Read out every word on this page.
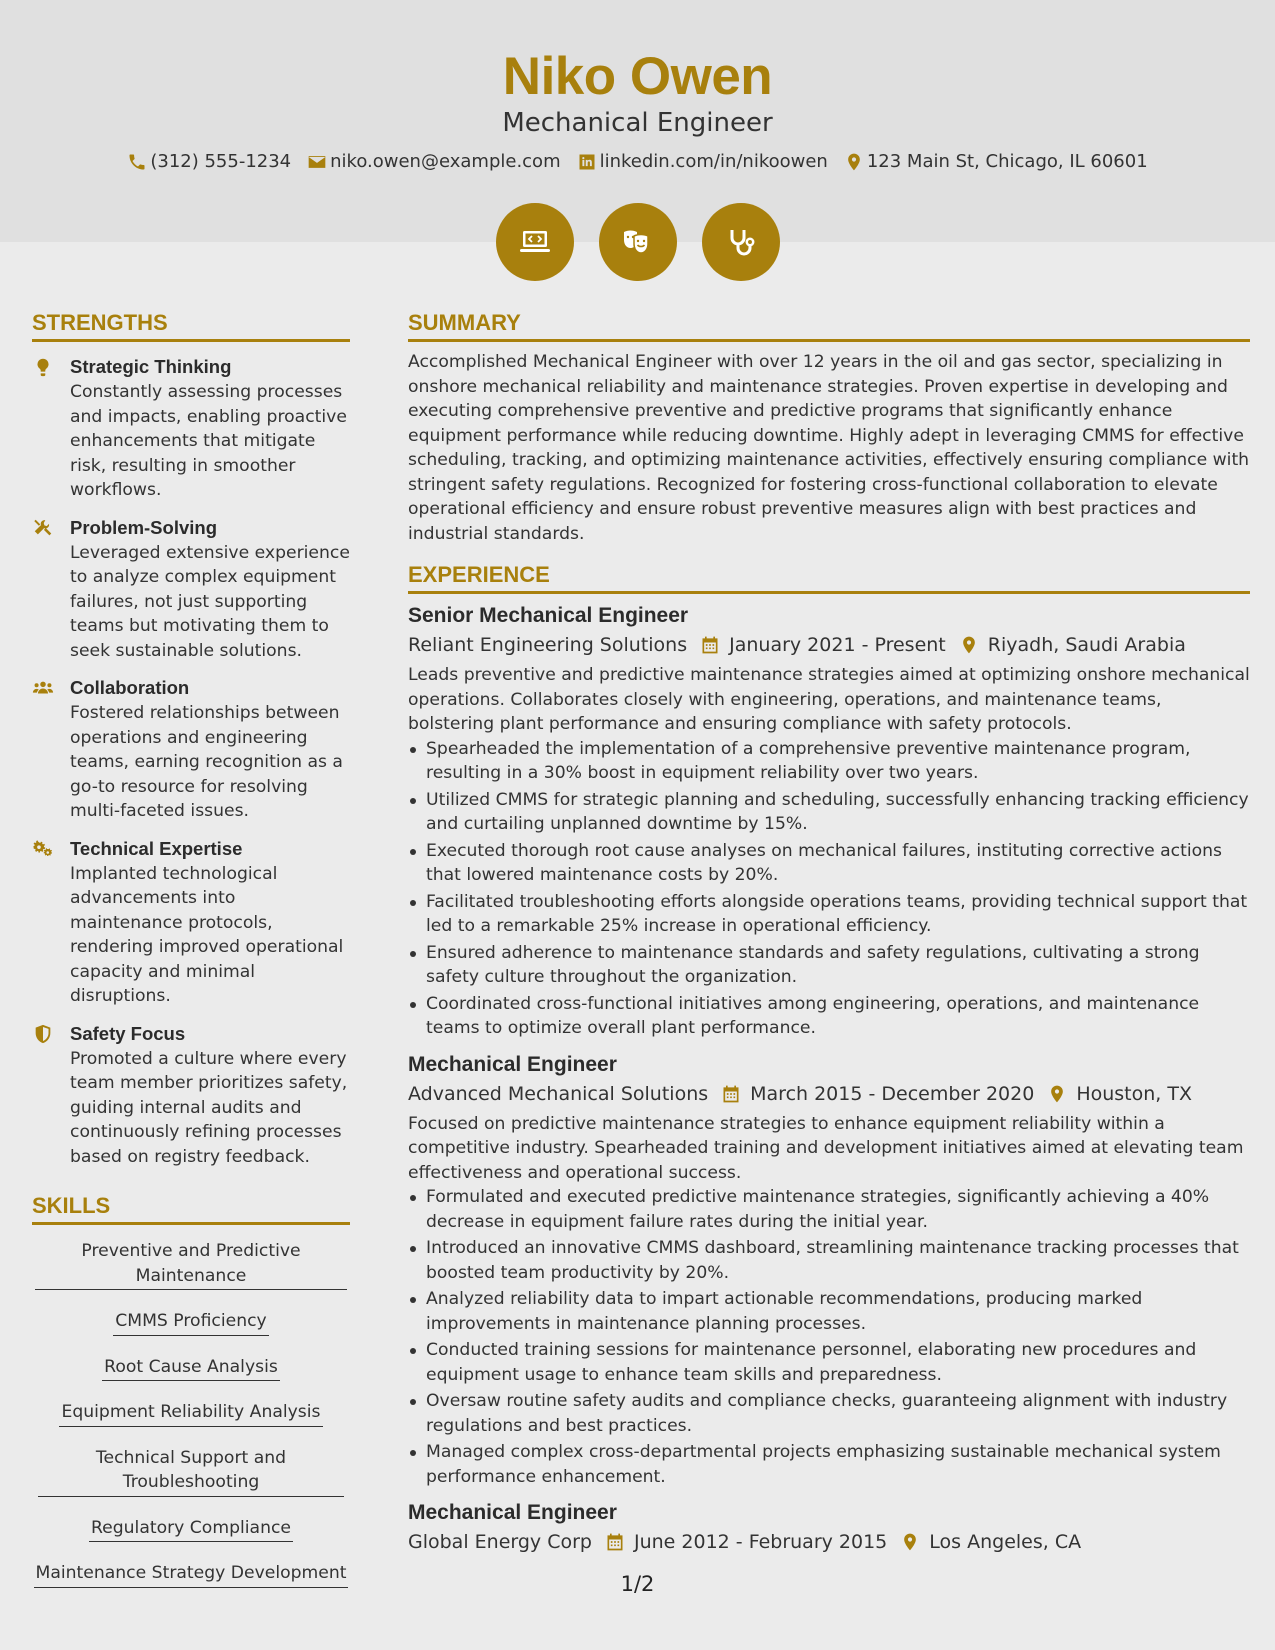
Niko Owen
Mechanical Engineer
(312) 555-1234 niko.owen@example.com linkedin.com/in/nikoowen 123 Main St, Chicago, IL 60601
STRENGTHS
Strategic Thinking
Constantly assessing processes and impacts, enabling proactive enhancements that mitigate risk, resulting in smoother workflows.
Problem-Solving
Leveraged extensive experience to analyze complex equipment failures, not just supporting teams but motivating them to seek sustainable solutions.
Collaboration
Fostered relationships between operations and engineering teams, earning recognition as a go-to resource for resolving multi-faceted issues.
Technical Expertise
Implanted technological advancements into maintenance protocols, rendering improved operational capacity and minimal disruptions.
Safety Focus
Promoted a culture where every team member prioritizes safety, guiding internal audits and continuously refining processes based on registry feedback.
SKILLS
Preventive and Predictive Maintenance
CMMS Proficiency
Root Cause Analysis
Equipment Reliability Analysis
Technical Support and Troubleshooting
Regulatory Compliance
Maintenance Strategy Development
SUMMARY
Accomplished Mechanical Engineer with over 12 years in the oil and gas sector, specializing in onshore mechanical reliability and maintenance strategies. Proven expertise in developing and executing comprehensive preventive and predictive programs that significantly enhance equipment performance while reducing downtime. Highly adept in leveraging CMMS for effective scheduling, tracking, and optimizing maintenance activities, effectively ensuring compliance with stringent safety regulations. Recognized for fostering cross-functional collaboration to elevate operational efficiency and ensure robust preventive measures align with best practices and industrial standards.
EXPERIENCE
Senior Mechanical Engineer
Reliant Engineering Solutions January 2021 - Present Riyadh, Saudi Arabia
Leads preventive and predictive maintenance strategies aimed at optimizing onshore mechanical operations. Collaborates closely with engineering, operations, and maintenance teams, bolstering plant performance and ensuring compliance with safety protocols.
Spearheaded the implementation of a comprehensive preventive maintenance program, resulting in a 30% boost in equipment reliability over two years.
Utilized CMMS for strategic planning and scheduling, successfully enhancing tracking efficiency and curtailing unplanned downtime by 15%.
Executed thorough root cause analyses on mechanical failures, instituting corrective actions that lowered maintenance costs by 20%.
Facilitated troubleshooting efforts alongside operations teams, providing technical support that led to a remarkable 25% increase in operational efficiency.
Ensured adherence to maintenance standards and safety regulations, cultivating a strong safety culture throughout the organization.
Coordinated cross-functional initiatives among engineering, operations, and maintenance teams to optimize overall plant performance.
Mechanical Engineer
Advanced Mechanical Solutions March 2015 - December 2020 Houston, TX
Focused on predictive maintenance strategies to enhance equipment reliability within a competitive industry. Spearheaded training and development initiatives aimed at elevating team effectiveness and operational success.
Formulated and executed predictive maintenance strategies, significantly achieving a 40% decrease in equipment failure rates during the initial year.
Introduced an innovative CMMS dashboard, streamlining maintenance tracking processes that boosted team productivity by 20%.
Analyzed reliability data to impart actionable recommendations, producing marked improvements in maintenance planning processes.
Conducted training sessions for maintenance personnel, elaborating new procedures and equipment usage to enhance team skills and preparedness.
Oversaw routine safety audits and compliance checks, guaranteeing alignment with industry regulations and best practices.
Managed complex cross-departmental projects emphasizing sustainable mechanical system performance enhancement.
Mechanical Engineer
Global Energy Corp June 2012 - February 2015 Los Angeles, CA
1/2
